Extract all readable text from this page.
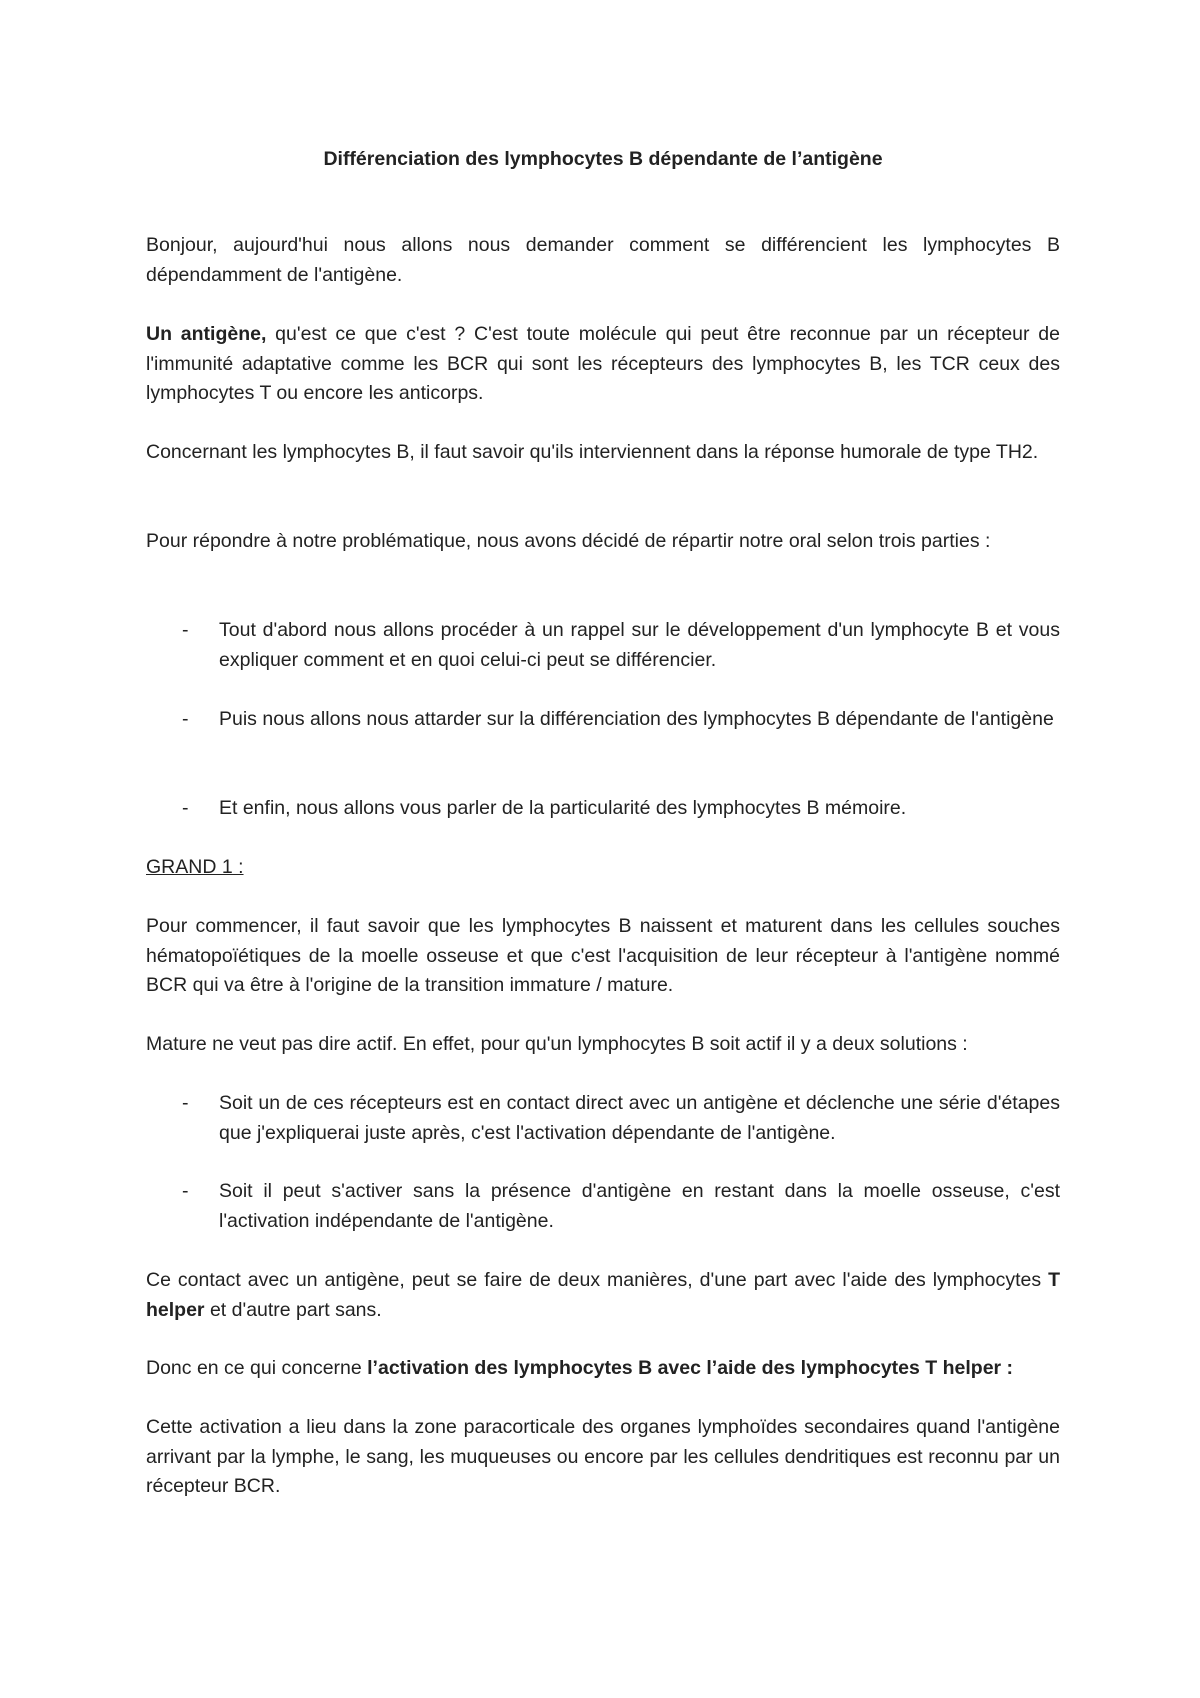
Différenciation des lymphocytes B dépendante de l’antigène

Bonjour, aujourd'hui nous allons nous demander comment se différencient les lymphocytes B dépendamment de l'antigène.

Un antigène, qu'est ce que c'est ? C'est toute molécule qui peut être reconnue par un récepteur de l'immunité adaptative comme les BCR qui sont les récepteurs des lymphocytes B, les TCR ceux des lymphocytes T ou encore les anticorps.

Concernant les lymphocytes B, il faut savoir qu'ils interviennent dans la réponse humorale de type TH2.

Pour répondre à notre problématique, nous avons décidé de répartir notre oral selon trois parties :

- Tout d'abord nous allons procéder à un rappel sur le développement d'un lymphocyte B et vous expliquer comment et en quoi celui-ci peut se différencier.
- Puis nous allons nous attarder sur la différenciation des lymphocytes B dépendante de l'antigène
- Et enfin, nous allons vous parler de la particularité des lymphocytes B mémoire.

GRAND 1 :

Pour commencer, il faut savoir que les lymphocytes B naissent et maturent dans les cellules souches hématopoïétiques de la moelle osseuse et que c'est l'acquisition de leur récepteur à l'antigène nommé BCR qui va être à l'origine de la transition immature / mature.

Mature ne veut pas dire actif. En effet, pour qu'un lymphocytes B soit actif il y a deux solutions :

- Soit un de ces récepteurs est en contact direct avec un antigène et déclenche une série d'étapes que j'expliquerai juste après, c'est l'activation dépendante de l'antigène.
- Soit il peut s'activer sans la présence d'antigène en restant dans la moelle osseuse, c'est l'activation indépendante de l'antigène.

Ce contact avec un antigène, peut se faire de deux manières, d'une part avec l'aide des lymphocytes T helper et d'autre part sans.

Donc en ce qui concerne l’activation des lymphocytes B avec l’aide des lymphocytes T helper :

Cette activation a lieu dans la zone paracorticale des organes lymphoïdes secondaires quand l'antigène arrivant par la lymphe, le sang, les muqueuses ou encore par les cellules dendritiques est reconnu par un récepteur BCR.
